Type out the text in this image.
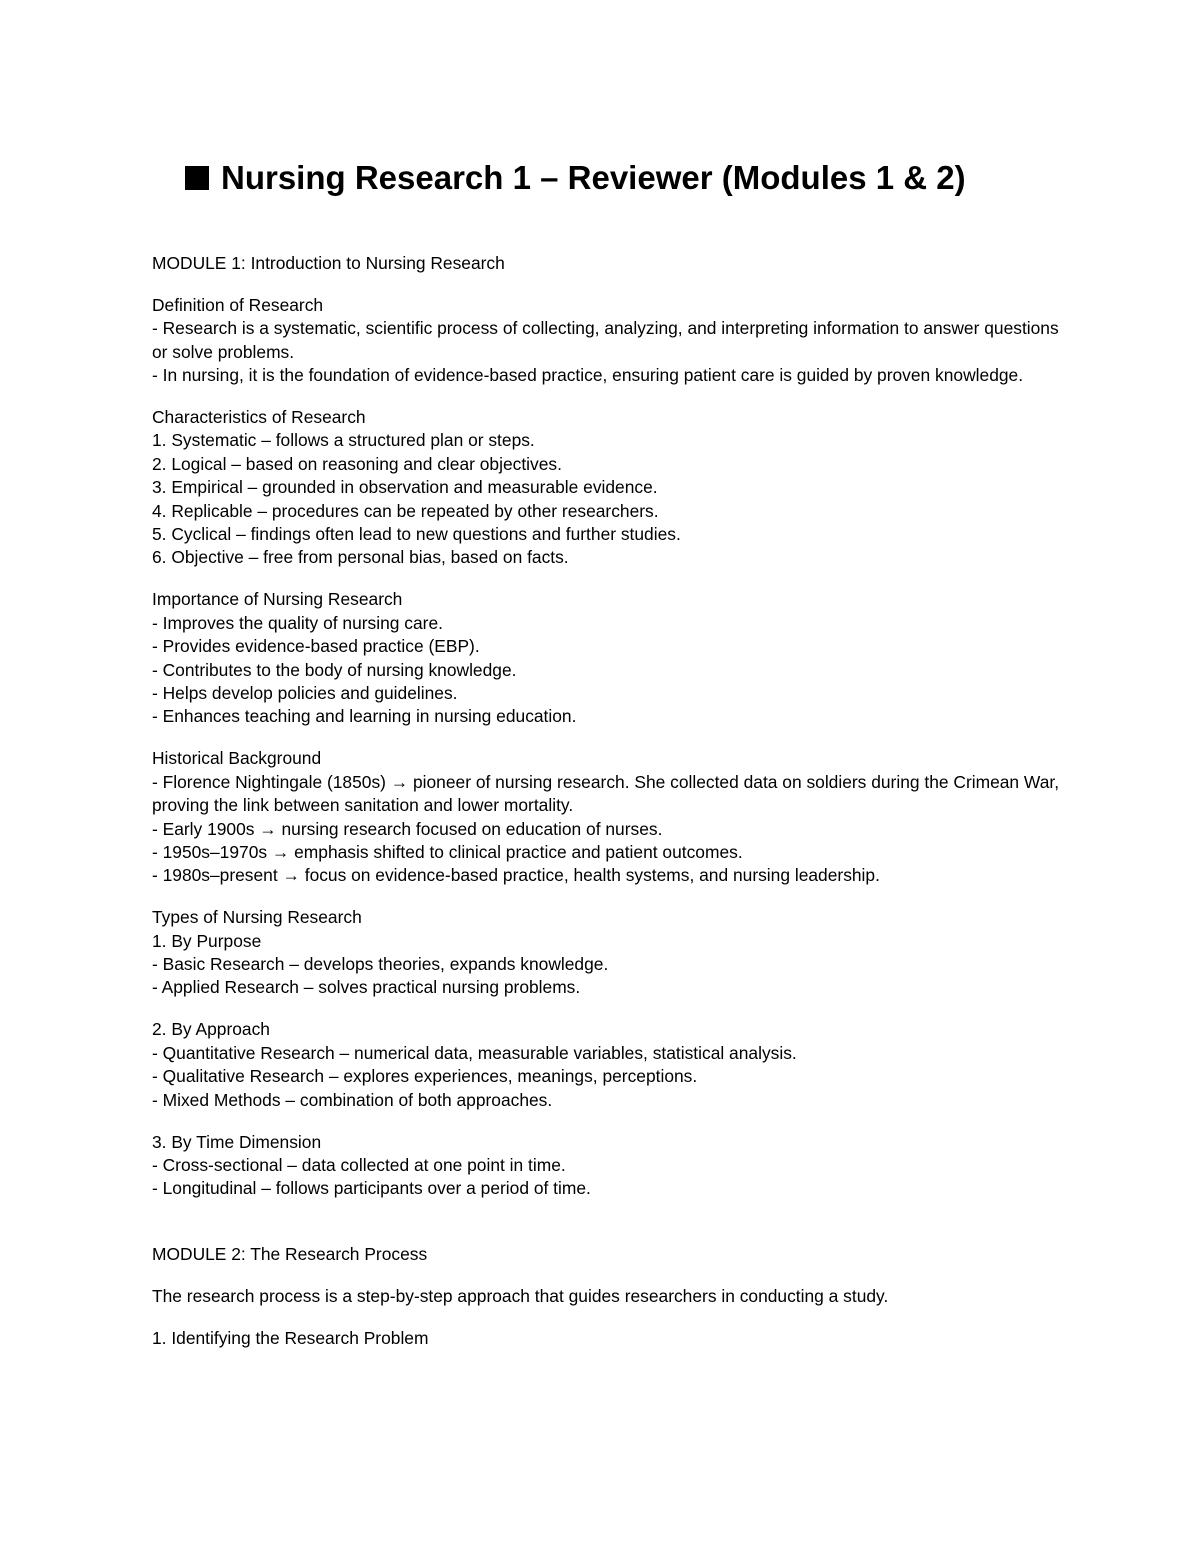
Nursing Research 1 – Reviewer (Modules 1 & 2)
MODULE 1: Introduction to Nursing Research
Definition of Research
- Research is a systematic, scientific process of collecting, analyzing, and interpreting information to answer questions or solve problems.
- In nursing, it is the foundation of evidence-based practice, ensuring patient care is guided by proven knowledge.
Characteristics of Research
1. Systematic – follows a structured plan or steps.
2. Logical – based on reasoning and clear objectives.
3. Empirical – grounded in observation and measurable evidence.
4. Replicable – procedures can be repeated by other researchers.
5. Cyclical – findings often lead to new questions and further studies.
6. Objective – free from personal bias, based on facts.
Importance of Nursing Research
- Improves the quality of nursing care.
- Provides evidence-based practice (EBP).
- Contributes to the body of nursing knowledge.
- Helps develop policies and guidelines.
- Enhances teaching and learning in nursing education.
Historical Background
- Florence Nightingale (1850s) → pioneer of nursing research. She collected data on soldiers during the Crimean War, proving the link between sanitation and lower mortality.
- Early 1900s → nursing research focused on education of nurses.
- 1950s–1970s → emphasis shifted to clinical practice and patient outcomes.
- 1980s–present → focus on evidence-based practice, health systems, and nursing leadership.
Types of Nursing Research
1. By Purpose
- Basic Research – develops theories, expands knowledge.
- Applied Research – solves practical nursing problems.
2. By Approach
- Quantitative Research – numerical data, measurable variables, statistical analysis.
- Qualitative Research – explores experiences, meanings, perceptions.
- Mixed Methods – combination of both approaches.
3. By Time Dimension
- Cross-sectional – data collected at one point in time.
- Longitudinal – follows participants over a period of time.
MODULE 2: The Research Process
The research process is a step-by-step approach that guides researchers in conducting a study.
1. Identifying the Research Problem
